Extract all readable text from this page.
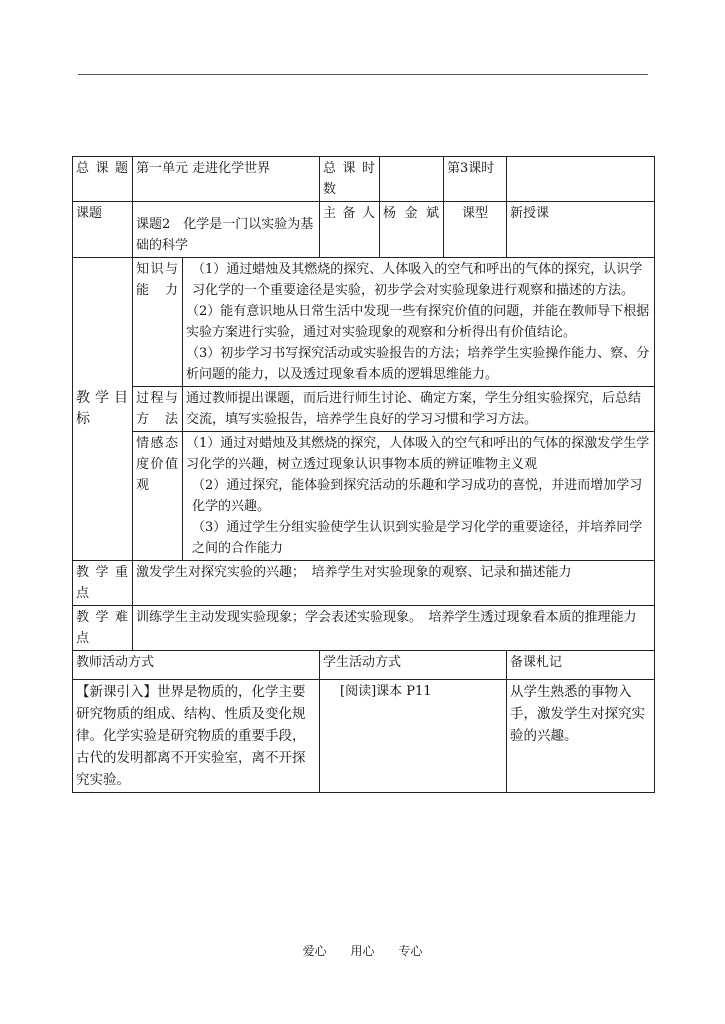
总课题	第一单元 走进化学世界		总课时数		第3课时	
课题	课题2　化学是一门以实验为基础的科学		主备人	杨金斌	课型	新授课
教学目标	知识与能力	（1）通过蜡烛及其燃烧的探究、人体吸入的空气和呼出的气体的探究，认识学习化学的一个重要途径是实验，初步学会对实验现象进行观察和描述的方法。

（2）能有意识地从日常生活中发现一些有探究价值的问题，并能在教师导下根据实验方案进行实验，通过对实验现象的观察和分析得出有价值结论。

（3）初步学习书写探究活动或实验报告的方法；培养学生实验操作能力、察、分析问题的能力，以及透过现象看本质的逻辑思维能力。				

	过程与方法	通过教师提出课题，而后进行师生讨论、确定方案，学生分组实验探究，后总结交流，填写实验报告，培养学生良好的学习习惯和学习方法。				
	情感态度价值观	（1）通过对蜡烛及其燃烧的探究，人体吸入的空气和呼出的气体的探激发学生学习化学的兴趣，树立透过现象认识事物本质的辨证唯物主义观

（2）通过探究，能体验到探究活动的乐趣和学习成功的喜悦，并进而增加学习化学的兴趣。

（3）通过学生分组实验使学生认识到实验是学习化学的重要途径，并培养同学之间的合作能力				

教学重点	激发学生对探究实验的兴趣；　培养学生对实验现象的观察、记录和描述能力					
教学难点	训练学生主动发现实验现象；学会表述实验现象。　培养学生透过现象看本质的推理能力					
教师活动方式			学生活动方式			备课札记
【新课引入】世界是物质的，化学主要研究物质的组成、结构、性质及变化规律。化学实验是研究物质的重要手段，古代的发明都离不开实验室，离不开探究实验。			[阅读]课本 P11			从学生熟悉的事物入手，激发学生对探究实验的兴趣。
爱心 用心 专心
